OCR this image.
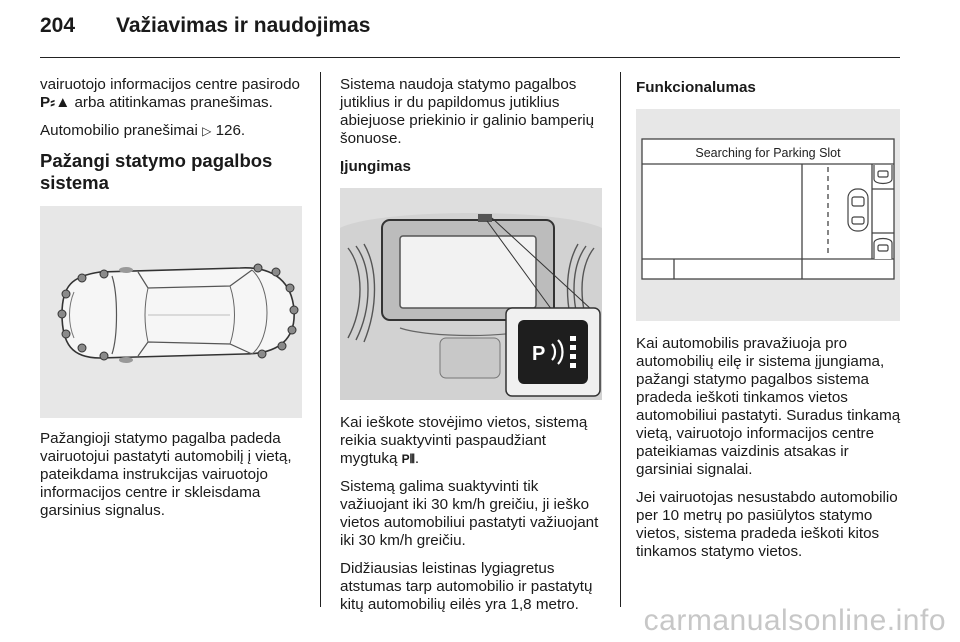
204 Važiavimas ir naudojimas

vairuotojo informacijos centre pasirodo P⸗▲ arba atitinkamas pranešimas.

Automobilio pranešimai ▷ 126.

Pažangi statymo pagalbos sistema

Pažangioji statymo pagalba padeda vairuotojui pastatyti automobilį į vietą, pateikdama instrukcijas vairuotojo informacijos centre ir skleisdama garsinius signalus.

Sistema naudoja statymo pagalbos jutiklius ir du papildomus jutiklius abiejuose priekinio ir galinio bamperių šonuose.

Įjungimas
P

Kai ieškote stovėjimo vietos, sistemą reikia suaktyvinti paspaudžiant mygtuką P⦀.

Sistemą galima suaktyvinti tik važiuojant iki 30 km/h greičiu, ji ieško vietos automobiliui pastatyti važiuojant iki 30 km/h greičiu.

Didžiausias leistinas lygiagretus atstumas tarp automobilio ir pastatytų kitų automobilių eilės yra 1,8 metro.

Funkcionalumas
Searching for Parking Slot

Kai automobilis pravažiuoja pro automobilių eilę ir sistema įjungiama, pažangi statymo pagalbos sistema pradeda ieškoti tinkamos vietos automobiliui pastatyti. Suradus tinkamą vietą, vairuotojo informacijos centre pateikiamas vaizdinis atsakas ir garsiniai signalai.

Jei vairuotojas nesustabdo automobilio per 10 metrų po pasiūlytos statymo vietos, sistema pradeda ieškoti kitos tinkamos statymo vietos.

carmanualsonline.info
